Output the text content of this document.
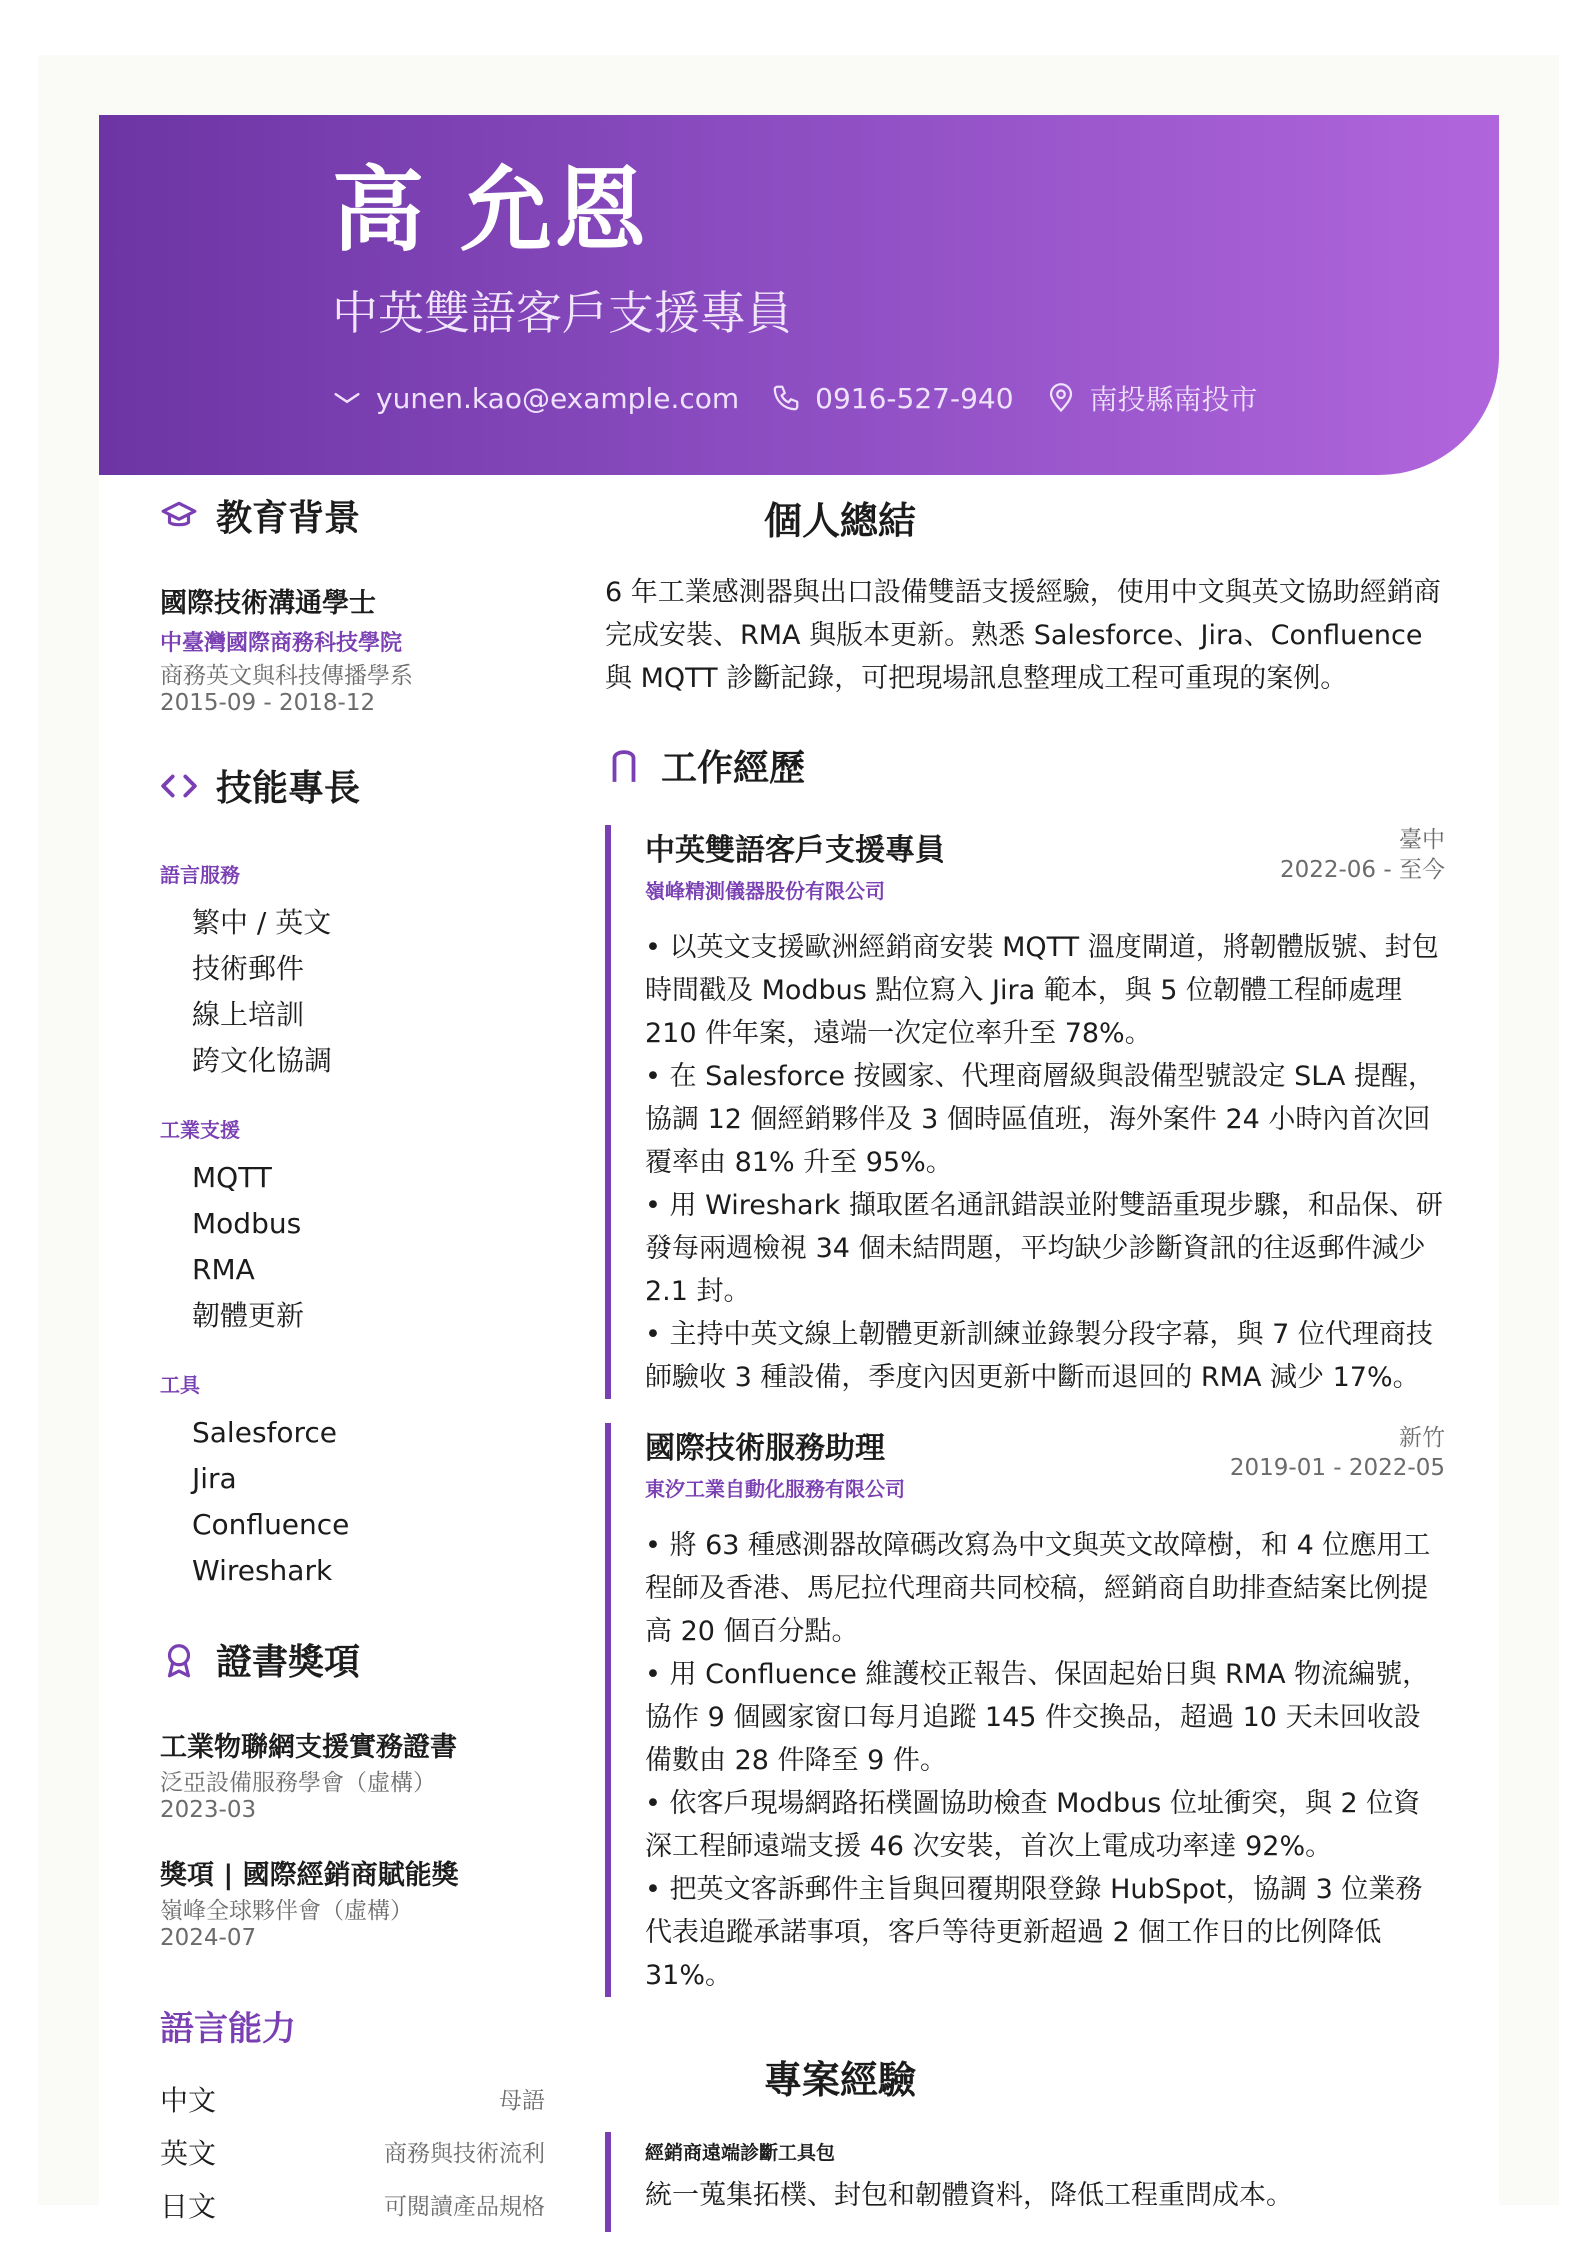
高 允恩
中英雙語客戶支援專員
yunen.kao@example.com	0916-527-940	南投縣南投市
教育背景
國際技術溝通學士
中臺灣國際商務科技學院
商務英文與科技傳播學系
2015-09 - 2018-12
技能專長
語言服務
繁中 / 英文
技術郵件
線上培訓
跨文化協調
工業支援
MQTT
Modbus
RMA
韌體更新
工具
Salesforce
Jira
Confluence
Wireshark
證書獎項
工業物聯網支援實務證書
泛亞設備服務學會（虛構）
2023-03
獎項 | 國際經銷商賦能獎
嶺峰全球夥伴會（虛構）
2024-07
語言能力
中文	母語
英文	商務與技術流利
日文	可閱讀產品規格
個人總結
6 年工業感測器與出口設備雙語支援經驗，使用中文與英文協助經銷商完成安裝、RMA 與版本更新。熟悉 Salesforce、Jira、Confluence 與 MQTT 診斷記錄，可把現場訊息整理成工程可重現的案例。
工作經歷
中英雙語客戶支援專員
嶺峰精測儀器股份有限公司
臺中
2022-06 - 至今
• 以英文支援歐洲經銷商安裝 MQTT 溫度閘道，將韌體版號、封包時間戳及 Modbus 點位寫入 Jira 範本，與 5 位韌體工程師處理 210 件年案，遠端一次定位率升至 78%。
• 在 Salesforce 按國家、代理商層級與設備型號設定 SLA 提醒，協調 12 個經銷夥伴及 3 個時區值班，海外案件 24 小時內首次回覆率由 81% 升至 95%。
• 用 Wireshark 擷取匿名通訊錯誤並附雙語重現步驟，和品保、研發每兩週檢視 34 個未結問題，平均缺少診斷資訊的往返郵件減少 2.1 封。
• 主持中英文線上韌體更新訓練並錄製分段字幕，與 7 位代理商技師驗收 3 種設備，季度內因更新中斷而退回的 RMA 減少 17%。
國際技術服務助理
東汐工業自動化服務有限公司
新竹
2019-01 - 2022-05
• 將 63 種感測器故障碼改寫為中文與英文故障樹，和 4 位應用工程師及香港、馬尼拉代理商共同校稿，經銷商自助排查結案比例提高 20 個百分點。
• 用 Confluence 維護校正報告、保固起始日與 RMA 物流編號，協作 9 個國家窗口每月追蹤 145 件交換品，超過 10 天未回收設備數由 28 件降至 9 件。
• 依客戶現場網路拓樸圖協助檢查 Modbus 位址衝突，與 2 位資深工程師遠端支援 46 次安裝，首次上電成功率達 92%。
• 把英文客訴郵件主旨與回覆期限登錄 HubSpot，協調 3 位業務代表追蹤承諾事項，客戶等待更新超過 2 個工作日的比例降低 31%。
專案經驗
經銷商遠端診斷工具包
統一蒐集拓樸、封包和韌體資料，降低工程重問成本。
